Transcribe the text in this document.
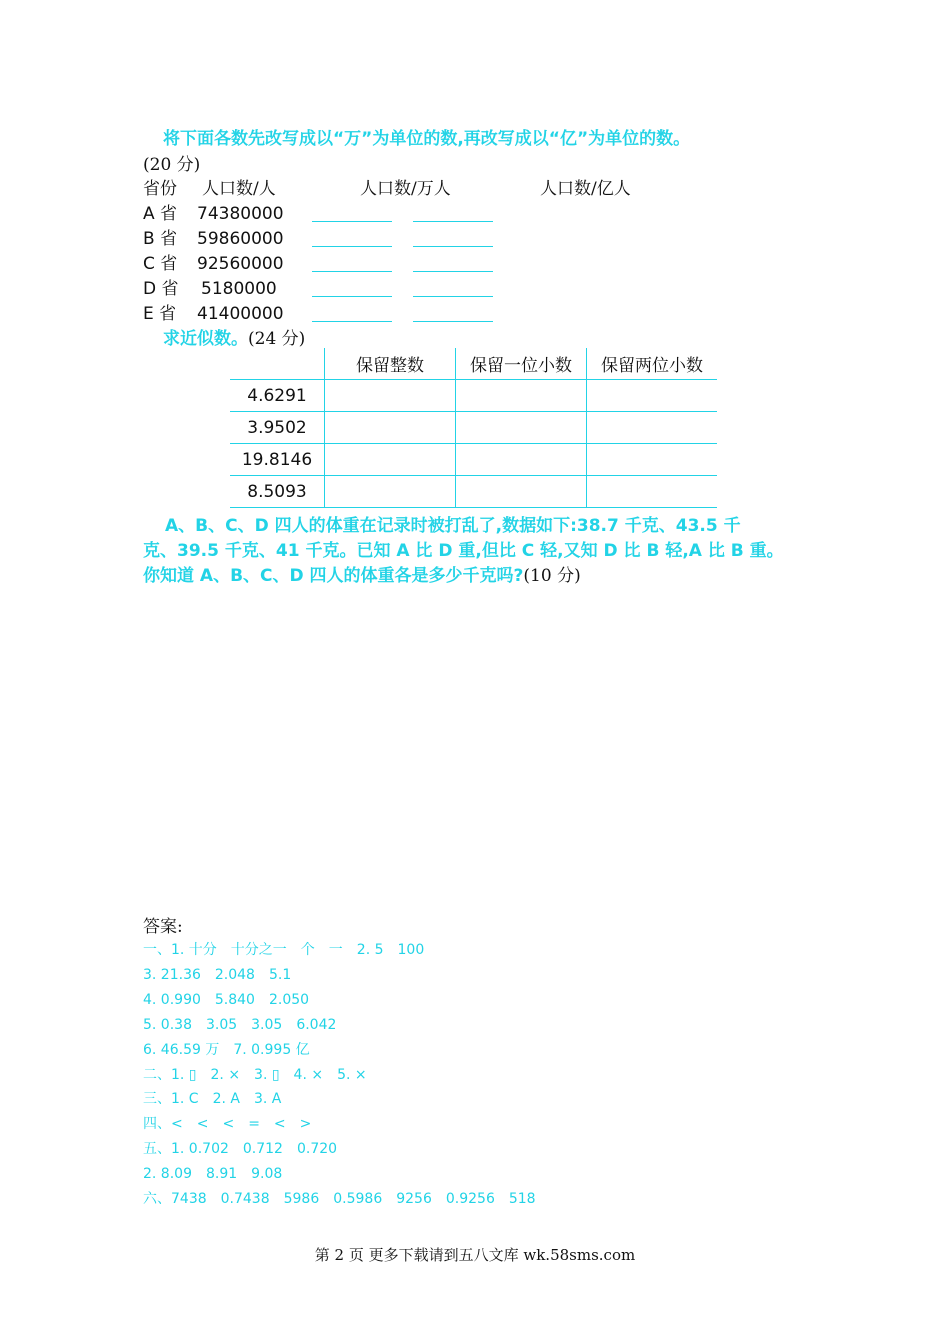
将下面各数先改写成以“万”为单位的数,再改写成以“亿”为单位的数。
(20 分)
省份 人口数/人	人口数/万人	人口数/亿人
A 省 74380000
B 省 59860000
C 省 92560000
D 省 5180000
E 省 41400000
求近似数。(24 分)
	保留整数	保留一位小数	保留两位小数
4.6291			
3.9502			
19.8146			
8.5093			
A、B、C、D 四人的体重在记录时被打乱了,数据如下:38.7 千克、43.5 千
克、39.5 千克、41 千克。已知 A 比 D 重,但比 C 轻,又知 D 比 B 轻,A 比 B 重。
你知道 A、B、C、D 四人的体重各是多少千克吗?(10 分)
答案:
一、1. 十分　十分之一　个　一　2. 5　100
3. 21.36　2.048　5.1
4. 0.990　5.840　2.050
5. 0.38　3.05　3.05　6.042
6. 46.59 万　7. 0.995 亿
二、1. ▯　2. ×　3. ▯　4. ×　5. ×
三、1. C　2. A　3. A
四、<　<　<　=　<　>
五、1. 0.702　0.712　0.720
2. 8.09　8.91　9.08
六、7438　0.7438　5986　0.5986　9256　0.9256　518
第 2 页 更多下载请到五八文库 wk.58sms.com
